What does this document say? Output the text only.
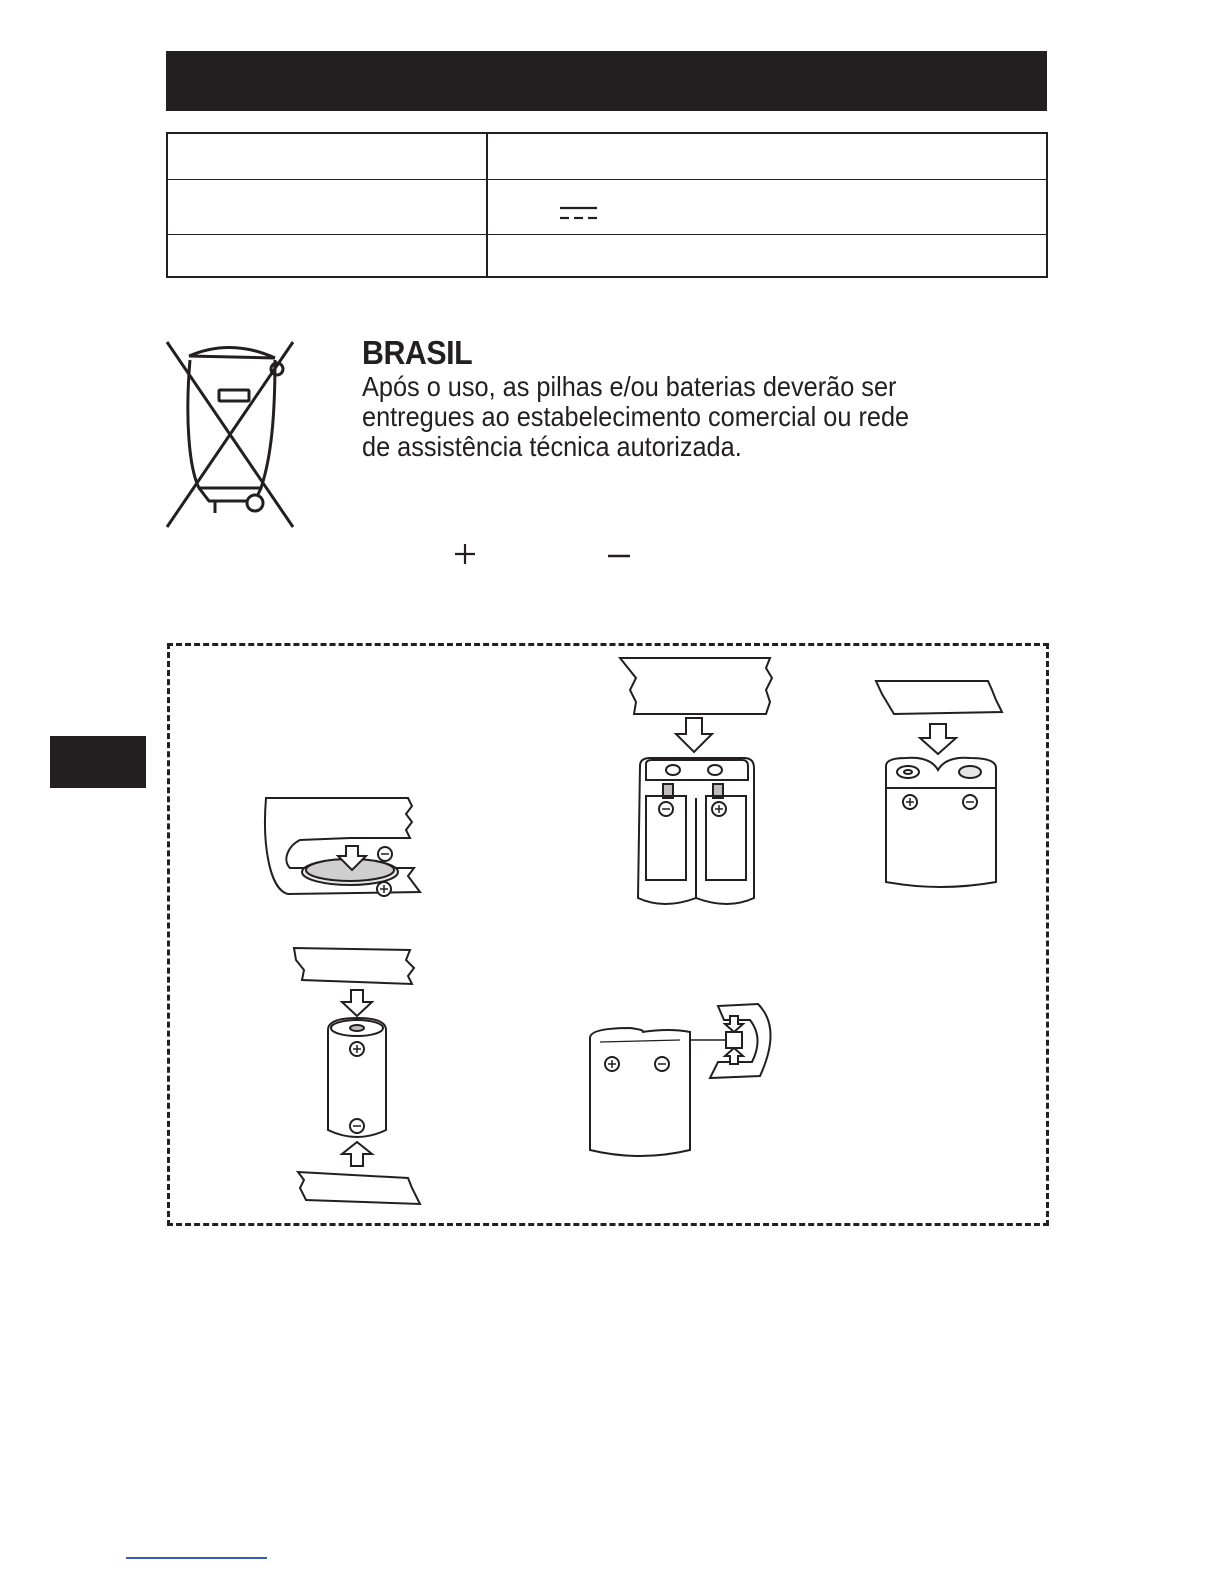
BRASIL
Após o uso, as pilhas e/ou baterias deverão ser
entregues ao estabelecimento comercial ou rede
de assistência técnica autorizada.
